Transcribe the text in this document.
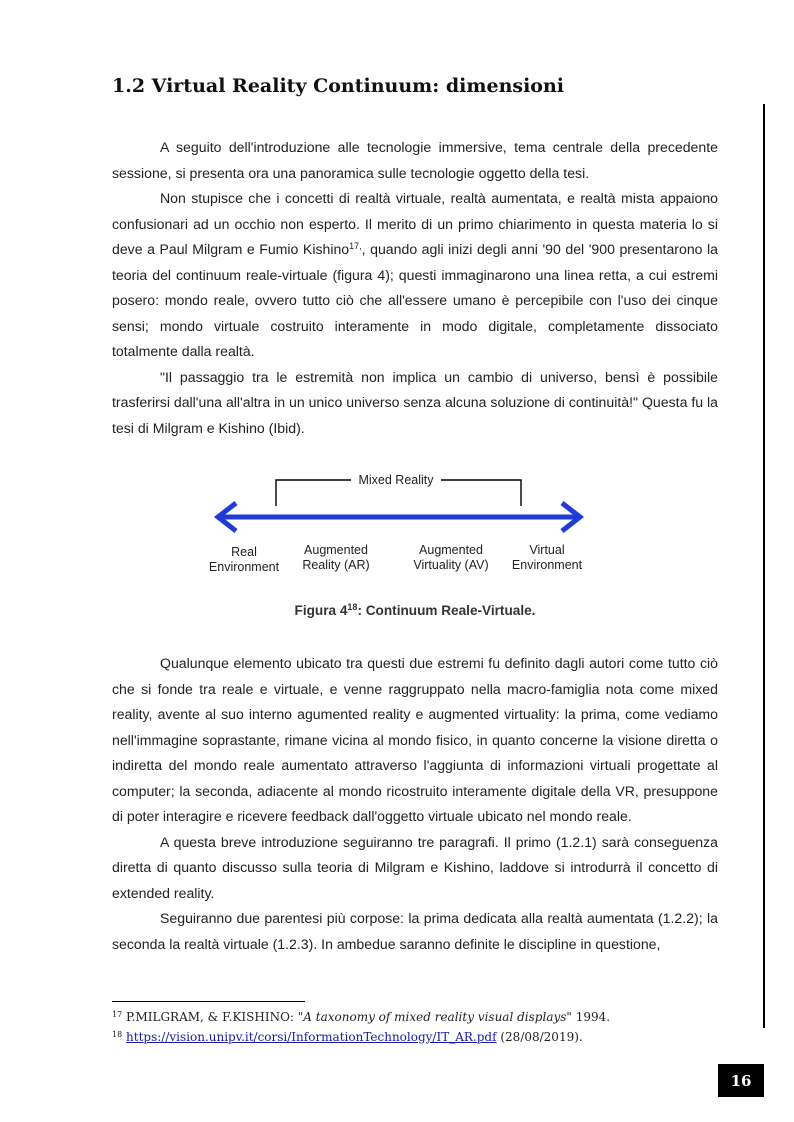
1.2 Virtual Reality Continuum: dimensioni

A seguito dell'introduzione alle tecnologie immersive, tema centrale della precedente sessione, si presenta ora una panoramica sulle tecnologie oggetto della tesi.

Non stupisce che i concetti di realtà virtuale, realtà aumentata, e realtà mista appaiono confusionari ad un occhio non esperto. Il merito di un primo chiarimento in questa materia lo si deve a Paul Milgram e Fumio Kishino$^{17,}$, quando agli inizi degli anni '90 del '900 presentarono la teoria del continuum reale-virtuale (figura 4); questi immaginarono una linea retta, a cui estremi posero: mondo reale, ovvero tutto ciò che all'essere umano è percepibile con l'uso dei cinque sensi; mondo virtuale costruito interamente in modo digitale, completamente dissociato totalmente dalla realtà.

"Il passaggio tra le estremità non implica un cambio di universo, bensì è possibile trasferirsi dall'una all'altra in un unico universo senza alcuna soluzione di continuità!" Questa fu la tesi di Milgram e Kishino (Ibid).

Mixed Reality
Real
Environment
Augmented
Reality (AR)
Augmented
Virtuality (AV)
Virtual
Environment

Figura $4^{18}$: Continuum Reale-Virtuale.

Qualunque elemento ubicato tra questi due estremi fu definito dagli autori come tutto ciò che si fonde tra reale e virtuale, e venne raggruppato nella macro-famiglia nota come mixed reality, avente al suo interno agumented reality e augmented virtuality: la prima, come vediamo nell'immagine soprastante, rimane vicina al mondo fisico, in quanto concerne la visione diretta o indiretta del mondo reale aumentato attraverso l'aggiunta di informazioni virtuali progettate al computer; la seconda, adiacente al mondo ricostruito interamente digitale della VR, presuppone di poter interagire e ricevere feedback dall'oggetto virtuale ubicato nel mondo reale.

A questa breve introduzione seguiranno tre paragrafi. Il primo (1.2.1) sarà conseguenza diretta di quanto discusso sulla teoria di Milgram e Kishino, laddove si introdurrà il concetto di extended reality.

Seguiranno due parentesi più corpose: la prima dedicata alla realtà aumentata (1.2.2); la seconda la realtà virtuale (1.2.3). In ambedue saranno definite le discipline in questione,

$^{17}$ P.MILGRAM, & F.KISHINO: "A taxonomy of mixed reality visual displays" 1994.

$^{18}$ https://vision.unipv.it/corsi/InformationTechnology/IT_AR.pdf (28/08/2019).

16
